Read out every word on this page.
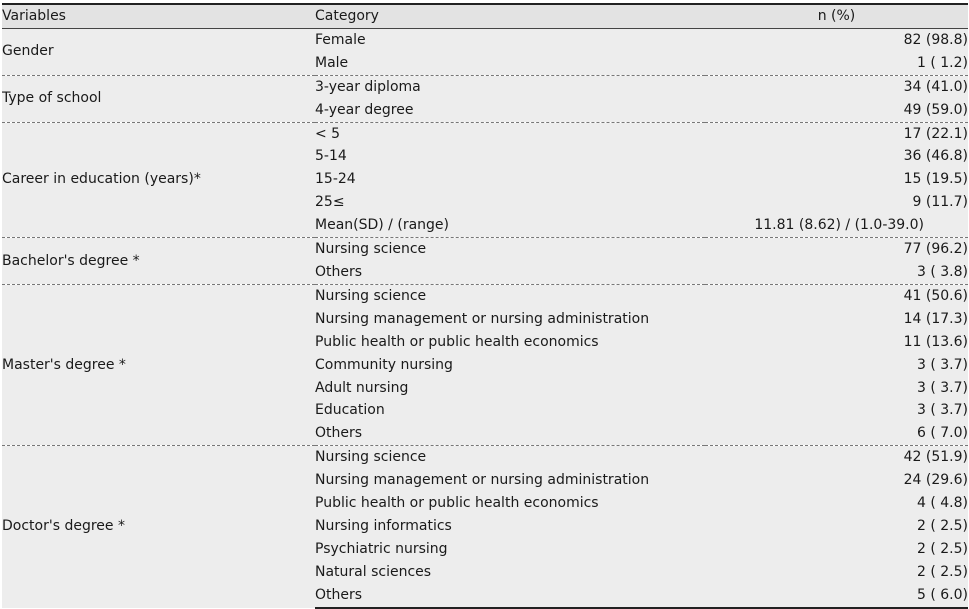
Variables	Category	n (%)
Gender	Female	82 (98.8)
	Male	1 ( 1.2)
Type of school	3-year diploma	34 (41.0)
	4-year degree	49 (59.0)
Career in education (years)*	< 5	17 (22.1)
	5-14	36 (46.8)
	15-24	15 (19.5)
	25≤	9 (11.7)
	Mean(SD) / (range)	11.81 (8.62) / (1.0-39.0)
Bachelor's degree *	Nursing science	77 (96.2)
	Others	3 ( 3.8)
Master's degree *	Nursing science	41 (50.6)
	Nursing management or nursing administration	14 (17.3)
	Public health or public health economics	11 (13.6)
	Community nursing	3 ( 3.7)
	Adult nursing	3 ( 3.7)
	Education	3 ( 3.7)
	Others	6 ( 7.0)
Doctor's degree *	Nursing science	42 (51.9)
	Nursing management or nursing administration	24 (29.6)
	Public health or public health economics	4 ( 4.8)
	Nursing informatics	2 ( 2.5)
	Psychiatric nursing	2 ( 2.5)
	Natural sciences	2 ( 2.5)
	Others	5 ( 6.0)
